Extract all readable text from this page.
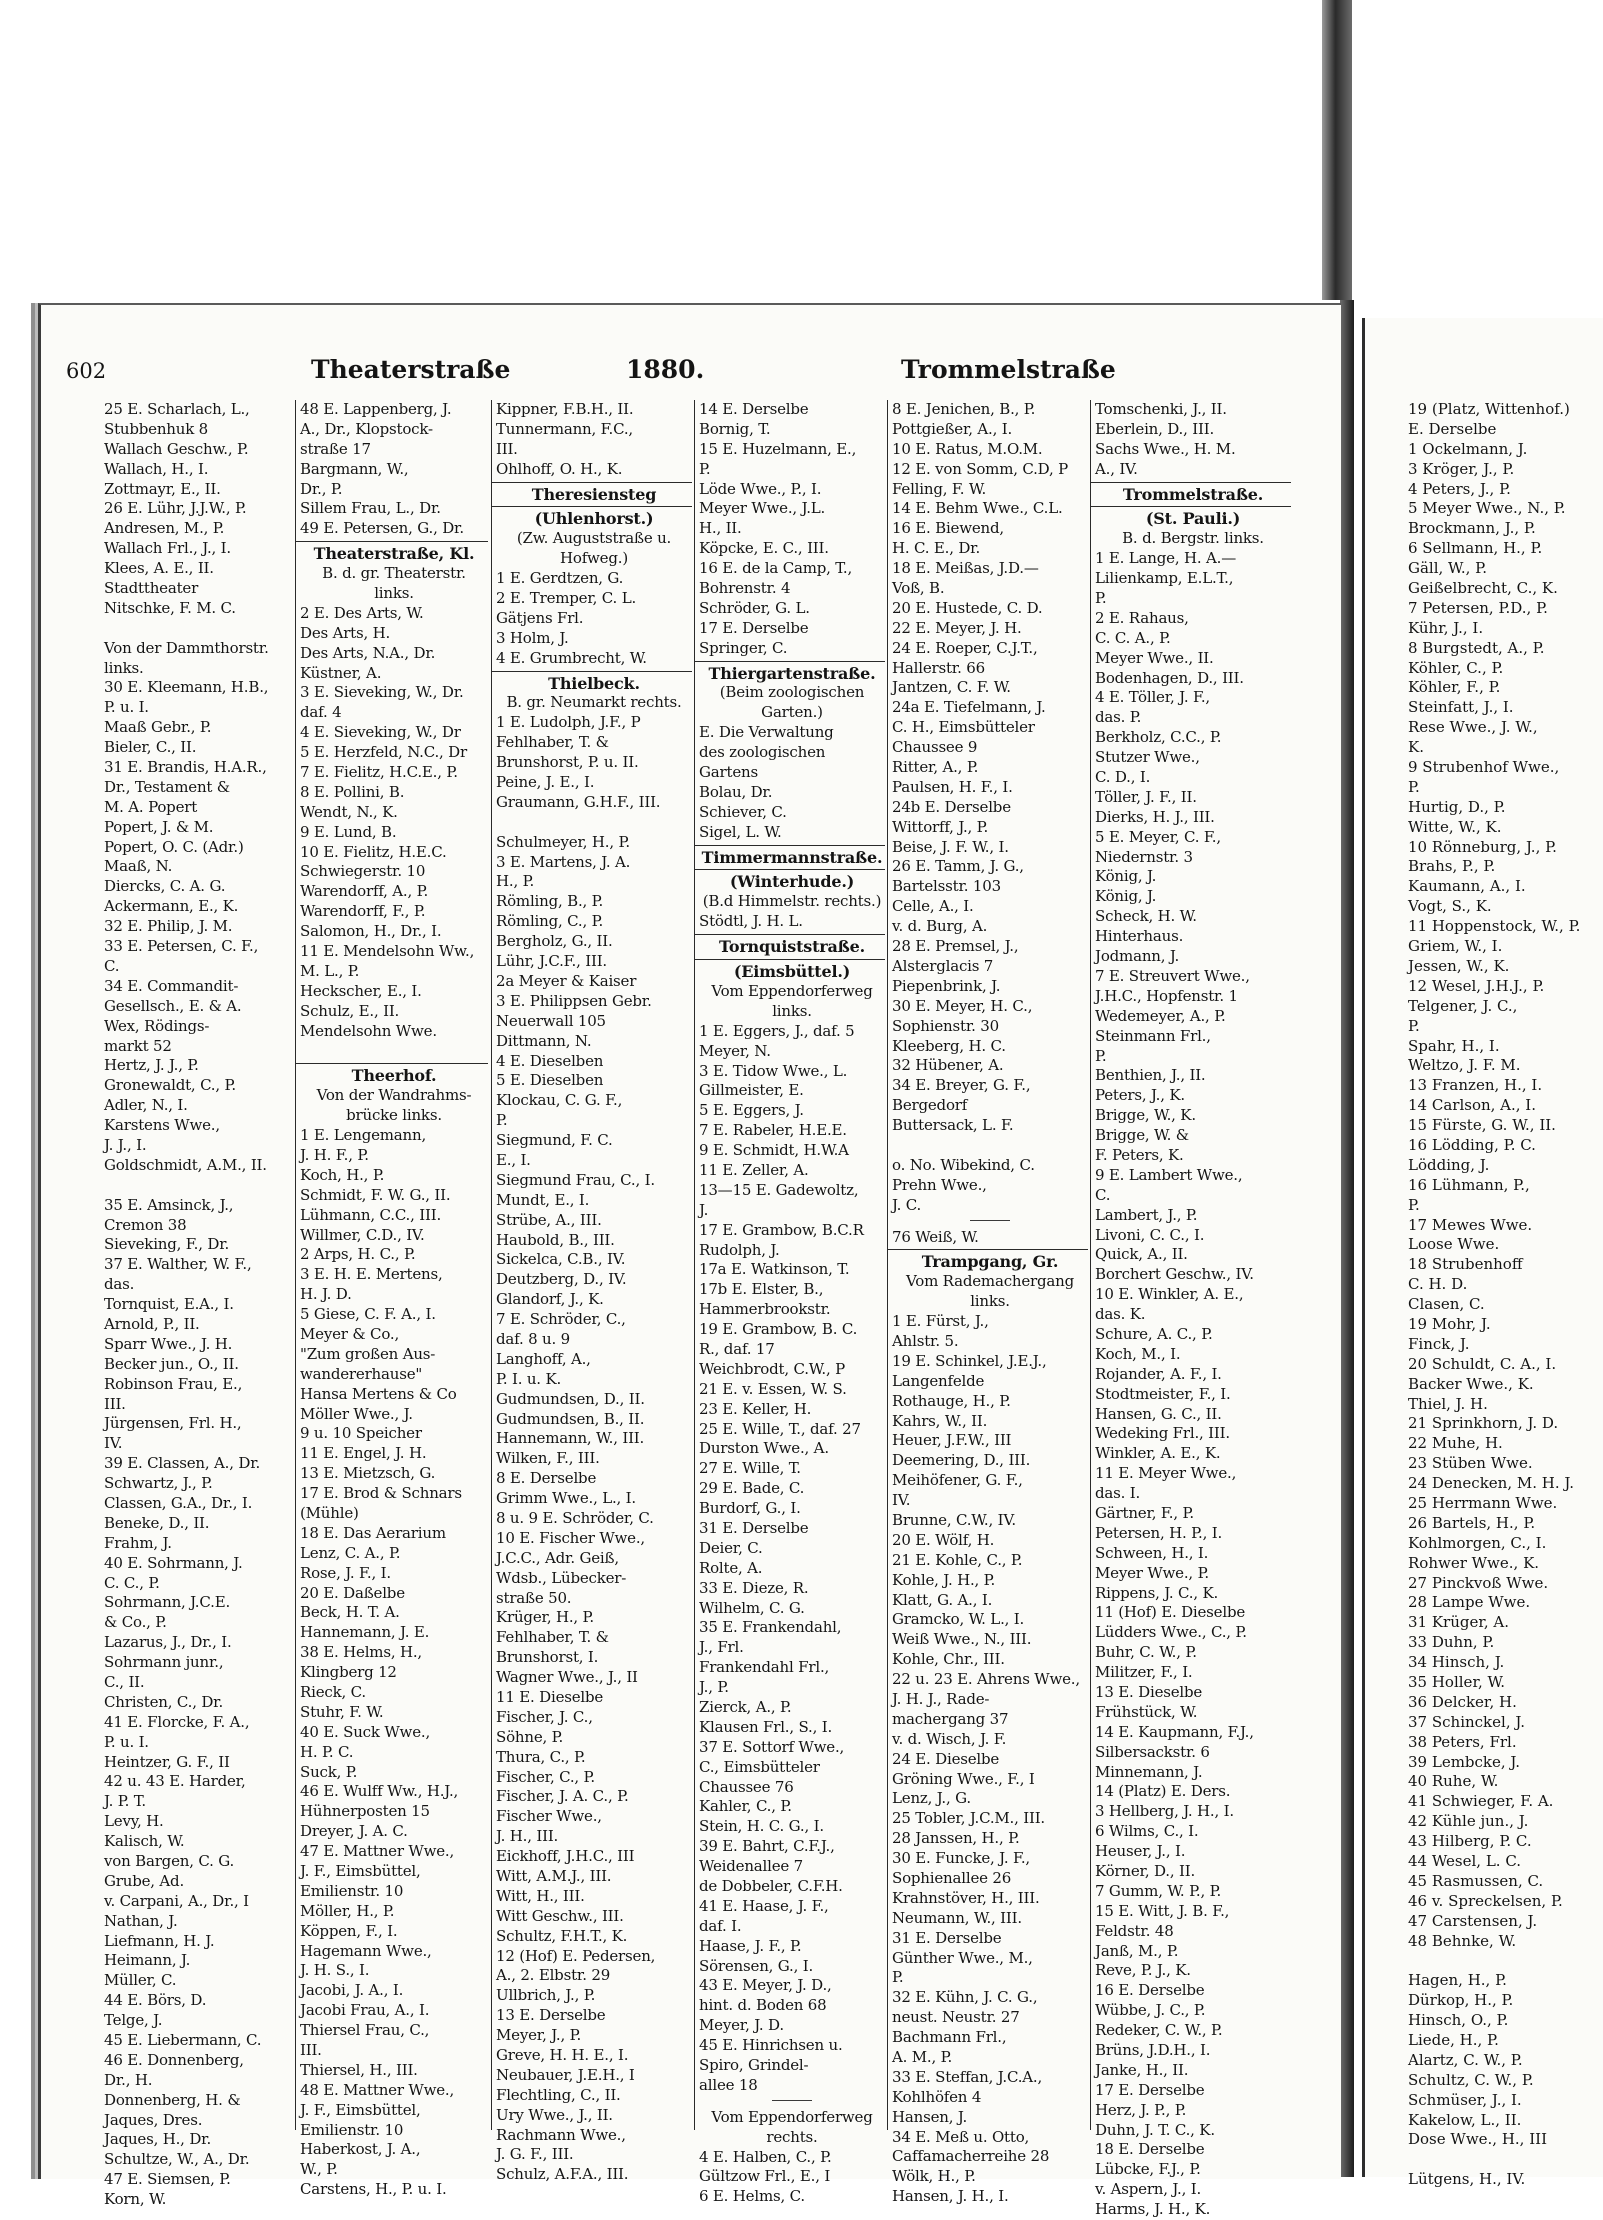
602	Theaterstraße	1880.	Trommelstraße
25 E. Scharlach, L.,
Stubbenhuk 8
Wallach Geschw., P.
Wallach, H., I.
Zottmayr, E., II.
26 E. Lühr, J.J.W., P.
Andresen, M., P.
Wallach Frl., J., I.
Klees, A. E., II.
Stadttheater
Nitschke, F. M. C.
Von der Dammthorstr.
links.
30 E. Kleemann, H.B.,
P. u. I.
Maaß Gebr., P.
Bieler, C., II.
31 E. Brandis, H.A.R.,
Dr., Testament &
M. A. Popert
Popert, J. & M.
Popert, O. C. (Adr.)
Maaß, N.
Diercks, C. A. G.
Ackermann, E., K.
32 E. Philip, J. M.
33 E. Petersen, C. F.,
C.
34 E. Commandit-
Gesellsch., E. & A.
Wex, Rödings-
markt 52
Hertz, J. J., P.
Gronewaldt, C., P.
Adler, N., I.
Karstens Wwe.,
J. J., I.
Goldschmidt, A.M., II.
35 E. Amsinck, J.,
Cremon 38
Sieveking, F., Dr.
37 E. Walther, W. F.,
das.
Tornquist, E.A., I.
Arnold, P., II.
Sparr Wwe., J. H.
Becker jun., O., II.
Robinson Frau, E.,
III.
Jürgensen, Frl. H.,
IV.
39 E. Classen, A., Dr.
Schwartz, J., P.
Classen, G.A., Dr., I.
Beneke, D., II.
Frahm, J.
40 E. Sohrmann, J.
C. C., P.
Sohrmann, J.C.E.
& Co., P.
Lazarus, J., Dr., I.
Sohrmann junr.,
C., II.
Christen, C., Dr.
41 E. Florcke, F. A.,
P. u. I.
Heintzer, G. F., II
42 u. 43 E. Harder,
J. P. T.
Levy, H.
Kalisch, W.
von Bargen, C. G.
Grube, Ad.
v. Carpani, A., Dr., I
Nathan, J.
Liefmann, H. J.
Heimann, J.
Müller, C.
44 E. Börs, D.
Telge, J.
45 E. Liebermann, C.
46 E. Donnenberg,
Dr., H.
Donnenberg, H. &
Jaques, Dres.
Jaques, H., Dr.
Schultze, W., A., Dr.
47 E. Siemsen, P.
Korn, W.
48 E. Lappenberg, J.
A., Dr., Klopstock-
straße 17
Bargmann, W.,
Dr., P.
Sillem Frau, L., Dr.
49 E. Petersen, G., Dr.
Theaterstraße, Kl.
B. d. gr. Theaterstr.
links.
2 E. Des Arts, W.
Des Arts, H.
Des Arts, N.A., Dr.
Küstner, A.
3 E. Sieveking, W., Dr.
daf. 4
4 E. Sieveking, W., Dr
5 E. Herzfeld, N.C., Dr
7 E. Fielitz, H.C.E., P.
8 E. Pollini, B.
Wendt, N., K.
9 E. Lund, B.
10 E. Fielitz, H.E.C.
Schwiegerstr. 10
Warendorff, A., P.
Warendorff, F., P.
Salomon, H., Dr., I.
11 E. Mendelsohn Ww.,
M. L., P.
Heckscher, E., I.
Schulz, E., II.
Mendelsohn Wwe.
Theerhof.
Von der Wandrahms-
brücke links.
1 E. Lengemann,
J. H. F., P.
Koch, H., P.
Schmidt, F. W. G., II.
Lühmann, C.C., III.
Willmer, C.D., IV.
2 Arps, H. C., P.
3 E. H. E. Mertens,
H. J. D.
5 Giese, C. F. A., I.
Meyer & Co.,
"Zum großen Aus-
wandererhause"
Hansa Mertens & Co
Möller Wwe., J.
9 u. 10 Speicher
11 E. Engel, J. H.
13 E. Mietzsch, G.
17 E. Brod & Schnars
(Mühle)
18 E. Das Aerarium
Lenz, C. A., P.
Rose, J. F., I.
20 E. Daßelbe
Beck, H. T. A.
Hannemann, J. E.
38 E. Helms, H.,
Klingberg 12
Rieck, C.
Stuhr, F. W.
40 E. Suck Wwe.,
H. P. C.
Suck, P.
46 E. Wulff Ww., H.J.,
Hühnerposten 15
Dreyer, J. A. C.
47 E. Mattner Wwe.,
J. F., Eimsbüttel,
Emilienstr. 10
Möller, H., P.
Köppen, F., I.
Hagemann Wwe.,
J. H. S., I.
Jacobi, J. A., I.
Jacobi Frau, A., I.
Thiersel Frau, C.,
III.
Thiersel, H., III.
48 E. Mattner Wwe.,
J. F., Eimsbüttel,
Emilienstr. 10
Haberkost, J. A.,
W., P.
Carstens, H., P. u. I.
Kippner, F.B.H., II.
Tunnermann, F.C.,
III.
Ohlhoff, O. H., K.
Theresiensteg
(Uhlenhorst.)
(Zw. Auguststraße u.
Hofweg.)
1 E. Gerdtzen, G.
2 E. Tremper, C. L.
Gätjens Frl.
3 Holm, J.
4 E. Grumbrecht, W.
Thielbeck.
B. gr. Neumarkt rechts.
1 E. Ludolph, J.F., P
Fehlhaber, T. &
Brunshorst, P. u. II.
Peine, J. E., I.
Graumann, G.H.F., III.
Schulmeyer, H., P.
3 E. Martens, J. A.
H., P.
Römling, B., P.
Römling, C., P.
Bergholz, G., II.
Lühr, J.C.F., III.
2a Meyer & Kaiser
3 E. Philippsen Gebr.
Neuerwall 105
Dittmann, N.
4 E. Dieselben
5 E. Dieselben
Klockau, C. G. F.,
P.
Siegmund, F. C.
E., I.
Siegmund Frau, C., I.
Mundt, E., I.
Strübe, A., III.
Haubold, B., III.
Sickelca, C.B., IV.
Deutzberg, D., IV.
Glandorf, J., K.
7 E. Schröder, C.,
daf. 8 u. 9
Langhoff, A.,
P. I. u. K.
Gudmundsen, D., II.
Gudmundsen, B., II.
Hannemann, W., III.
Wilken, F., III.
8 E. Derselbe
Grimm Wwe., L., I.
8 u. 9 E. Schröder, C.
10 E. Fischer Wwe.,
J.C.C., Adr. Geiß,
Wdsb., Lübecker-
straße 50.
Krüger, H., P.
Fehlhaber, T. &
Brunshorst, I.
Wagner Wwe., J., II
11 E. Dieselbe
Fischer, J. C.,
Söhne, P.
Thura, C., P.
Fischer, C., P.
Fischer, J. A. C., P.
Fischer Wwe.,
J. H., III.
Eickhoff, J.H.C., III
Witt, A.M.J., III.
Witt, H., III.
Witt Geschw., III.
Schultz, F.H.T., K.
12 (Hof) E. Pedersen,
A., 2. Elbstr. 29
Ullbrich, J., P.
13 E. Derselbe
Meyer, J., P.
Greve, H. H. E., I.
Neubauer, J.E.H., I
Flechtling, C., II.
Ury Wwe., J., II.
Rachmann Wwe.,
J. G. F., III.
Schulz, A.F.A., III.
14 E. Derselbe
Bornig, T.
15 E. Huzelmann, E.,
P.
Löde Wwe., P., I.
Meyer Wwe., J.L.
H., II.
Köpcke, E. C., III.
16 E. de la Camp, T.,
Bohrenstr. 4
Schröder, G. L.
17 E. Derselbe
Springer, C.
Thiergartenstraße.
(Beim zoologischen
Garten.)
E. Die Verwaltung
des zoologischen
Gartens
Bolau, Dr.
Schiever, C.
Sigel, L. W.
Timmermannstraße.
(Winterhude.)
(B.d Himmelstr. rechts.)
Stödtl, J. H. L.
Tornquiststraße.
(Eimsbüttel.)
Vom Eppendorferweg
links.
1 E. Eggers, J., daf. 5
Meyer, N.
3 E. Tidow Wwe., L.
Gillmeister, E.
5 E. Eggers, J.
7 E. Rabeler, H.E.E.
9 E. Schmidt, H.W.A
11 E. Zeller, A.
13—15 E. Gadewoltz,
J.
17 E. Grambow, B.C.R
Rudolph, J.
17a E. Watkinson, T.
17b E. Elster, B.,
Hammerbrookstr.
19 E. Grambow, B. C.
R., daf. 17
Weichbrodt, C.W., P
21 E. v. Essen, W. S.
23 E. Keller, H.
25 E. Wille, T., daf. 27
Durston Wwe., A.
27 E. Wille, T.
29 E. Bade, C.
Burdorf, G., I.
31 E. Derselbe
Deier, C.
Rolte, A.
33 E. Dieze, R.
Wilhelm, C. G.
35 E. Frankendahl,
J., Frl.
Frankendahl Frl.,
J., P.
Zierck, A., P.
Klausen Frl., S., I.
37 E. Sottorf Wwe.,
C., Eimsbütteler
Chaussee 76
Kahler, C., P.
Stein, H. C. G., I.
39 E. Bahrt, C.F.J.,
Weidenallee 7
de Dobbeler, C.F.H.
41 E. Haase, J. F.,
daf. I.
Haase, J. F., P.
Sörensen, G., I.
43 E. Meyer, J. D.,
hint. d. Boden 68
Meyer, J. D.
45 E. Hinrichsen u.
Spiro, Grindel-
allee 18
Vom Eppendorferweg
rechts.
4 E. Halben, C., P.
Gültzow Frl., E., I
6 E. Helms, C.
8 E. Jenichen, B., P.
Pottgießer, A., I.
10 E. Ratus, M.O.M.
12 E. von Somm, C.D, P
Felling, F. W.
14 E. Behm Wwe., C.L.
16 E. Biewend,
H. C. E., Dr.
18 E. Meißas, J.D.—
Voß, B.
20 E. Hustede, C. D.
22 E. Meyer, J. H.
24 E. Roeper, C.J.T.,
Hallerstr. 66
Jantzen, C. F. W.
24a E. Tiefelmann, J.
C. H., Eimsbütteler
Chaussee 9
Ritter, A., P.
Paulsen, H. F., I.
24b E. Derselbe
Wittorff, J., P.
Beise, J. F. W., I.
26 E. Tamm, J. G.,
Bartelsstr. 103
Celle, A., I.
v. d. Burg, A.
28 E. Premsel, J.,
Alsterglacis 7
Piepenbrink, J.
30 E. Meyer, H. C.,
Sophienstr. 30
Kleeberg, H. C.
32 Hübener, A.
34 E. Breyer, G. F.,
Bergedorf
Buttersack, L. F.
o. No. Wibekind, C.
Prehn Wwe.,
J. C.
76 Weiß, W.
Trampgang, Gr.
Vom Rademachergang
links.
1 E. Fürst, J.,
Ahlstr. 5.
19 E. Schinkel, J.E.J.,
Langenfelde
Rothauge, H., P.
Kahrs, W., II.
Heuer, J.F.W., III
Deemering, D., III.
Meihöfener, G. F.,
IV.
Brunne, C.W., IV.
20 E. Wölf, H.
21 E. Kohle, C., P.
Kohle, J. H., P.
Klatt, G. A., I.
Gramcko, W. L., I.
Weiß Wwe., N., III.
Kohle, Chr., III.
22 u. 23 E. Ahrens Wwe.,
J. H. J., Rade-
machergang 37
v. d. Wisch, J. F.
24 E. Dieselbe
Gröning Wwe., F., I
Lenz, J., G.
25 Tobler, J.C.M., III.
28 Janssen, H., P.
30 E. Funcke, J. F.,
Sophienallee 26
Krahnstöver, H., III.
Neumann, W., III.
31 E. Derselbe
Günther Wwe., M.,
P.
32 E. Kühn, J. C. G.,
neust. Neustr. 27
Bachmann Frl.,
A. M., P.
33 E. Steffan, J.C.A.,
Kohlhöfen 4
Hansen, J.
34 E. Meß u. Otto,
Caffamacherreihe 28
Wölk, H., P.
Hansen, J. H., I.
Tomschenki, J., II.
Eberlein, D., III.
Sachs Wwe., H. M.
A., IV.
Trommelstraße.
(St. Pauli.)
B. d. Bergstr. links.
1 E. Lange, H. A.—
Lilienkamp, E.L.T.,
P.
2 E. Rahaus,
C. C. A., P.
Meyer Wwe., II.
Bodenhagen, D., III.
4 E. Töller, J. F.,
das. P.
Berkholz, C.C., P.
Stutzer Wwe.,
C. D., I.
Töller, J. F., II.
Dierks, H. J., III.
5 E. Meyer, C. F.,
Niedernstr. 3
König, J.
König, J.
Scheck, H. W.
Hinterhaus.
Jodmann, J.
7 E. Streuvert Wwe.,
J.H.C., Hopfenstr. 1
Wedemeyer, A., P.
Steinmann Frl.,
P.
Benthien, J., II.
Peters, J., K.
Brigge, W., K.
Brigge, W. &
F. Peters, K.
9 E. Lambert Wwe.,
C.
Lambert, J., P.
Livoni, C. C., I.
Quick, A., II.
Borchert Geschw., IV.
10 E. Winkler, A. E.,
das. K.
Schure, A. C., P.
Koch, M., I.
Rojander, A. F., I.
Stodtmeister, F., I.
Hansen, G. C., II.
Wedeking Frl., III.
Winkler, A. E., K.
11 E. Meyer Wwe.,
das. I.
Gärtner, F., P.
Petersen, H. P., I.
Schween, H., I.
Meyer Wwe., P.
Rippens, J. C., K.
11 (Hof) E. Dieselbe
Lüdders Wwe., C., P.
Buhr, C. W., P.
Militzer, F., I.
13 E. Dieselbe
Frühstück, W.
14 E. Kaupmann, F.J.,
Silbersackstr. 6
Minnemann, J.
14 (Platz) E. Ders.
3 Hellberg, J. H., I.
6 Wilms, C., I.
Heuser, J., I.
Körner, D., II.
7 Gumm, W. P., P.
15 E. Witt, J. B. F.,
Feldstr. 48
Janß, M., P.
Reve, P. J., K.
16 E. Derselbe
Wübbe, J. C., P.
Redeker, C. W., P.
Brüns, J.D.H., I.
Janke, H., II.
17 E. Derselbe
Herz, J. P., P.
Duhn, J. T. C., K.
18 E. Derselbe
Lübcke, F.J., P.
v. Aspern, J., I.
Harms, J. H., K.
19 (Platz, Wittenhof.)
E. Derselbe
1 Ockelmann, J.
3 Kröger, J., P.
4 Peters, J., P.
5 Meyer Wwe., N., P.
Brockmann, J., P.
6 Sellmann, H., P.
Gäll, W., P.
Geißelbrecht, C., K.
7 Petersen, P.D., P.
Kühr, J., I.
8 Burgstedt, A., P.
Köhler, C., P.
Köhler, F., P.
Steinfatt, J., I.
Rese Wwe., J. W.,
K.
9 Strubenhof Wwe.,
P.
Hurtig, D., P.
Witte, W., K.
10 Rönneburg, J., P.
Brahs, P., P.
Kaumann, A., I.
Vogt, S., K.
11 Hoppenstock, W., P.
Griem, W., I.
Jessen, W., K.
12 Wesel, J.H.J., P.
Telgener, J. C.,
P.
Spahr, H., I.
Weltzo, J. F. M.
13 Franzen, H., I.
14 Carlson, A., I.
15 Fürste, G. W., II.
16 Lödding, P. C.
Lödding, J.
16 Lühmann, P.,
P.
17 Mewes Wwe.
Loose Wwe.
18 Strubenhoff
C. H. D.
Clasen, C.
19 Mohr, J.
Finck, J.
20 Schuldt, C. A., I.
Backer Wwe., K.
Thiel, J. H.
21 Sprinkhorn, J. D.
22 Muhe, H.
23 Stüben Wwe.
24 Denecken, M. H. J.
25 Herrmann Wwe.
26 Bartels, H., P.
Kohlmorgen, C., I.
Rohwer Wwe., K.
27 Pinckvoß Wwe.
28 Lampe Wwe.
31 Krüger, A.
33 Duhn, P.
34 Hinsch, J.
35 Holler, W.
36 Delcker, H.
37 Schinckel, J.
38 Peters, Frl.
39 Lembcke, J.
40 Ruhe, W.
41 Schwieger, F. A.
42 Kühle jun., J.
43 Hilberg, P. C.
44 Wesel, L. C.
45 Rasmussen, C.
46 v. Spreckelsen, P.
47 Carstensen, J.
48 Behnke, W.
Hagen, H., P.
Dürkop, H., P.
Hinsch, O., P.
Liede, H., P.
Alartz, C. W., P.
Schultz, C. W., P.
Schmüser, J., I.
Kakelow, L., II.
Dose Wwe., H., III
Lütgens, H., IV.
